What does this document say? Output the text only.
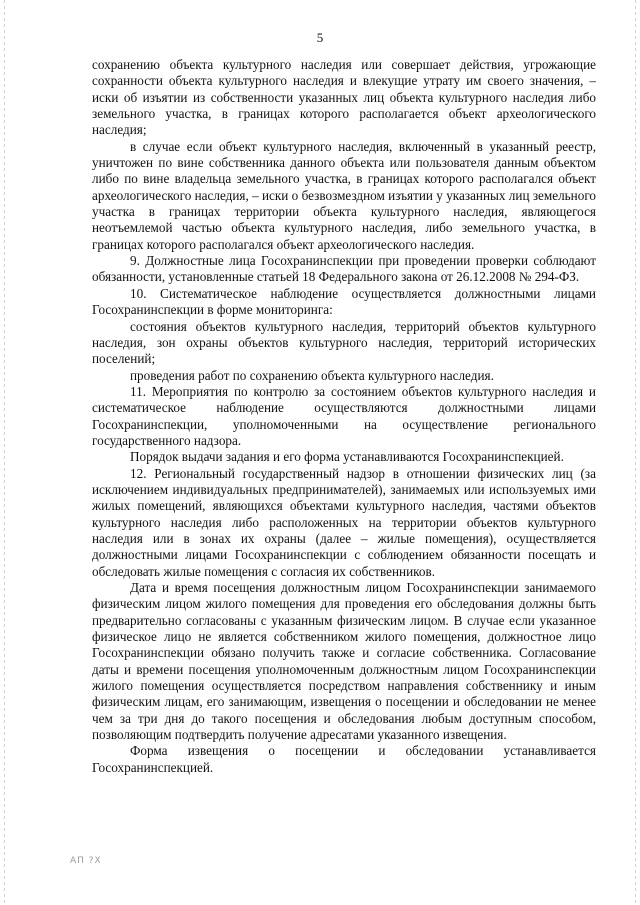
5

сохранению объекта культурного наследия или совершает действия, угрожающие сохранности объекта культурного наследия и влекущие утрату им своего значения, – иски об изъятии из собственности указанных лиц объекта культурного наследия либо земельного участка, в границах которого располагается объект археологического наследия;

в случае если объект культурного наследия, включенный в указанный реестр, уничтожен по вине собственника данного объекта или пользователя данным объектом либо по вине владельца земельного участка, в границах которого располагался объект археологического наследия, – иски о безвозмездном изъятии у указанных лиц земельного участка в границах территории объекта культурного наследия, являющегося неотъемлемой частью объекта культурного наследия, либо земельного участка, в границах которого располагался объект археологического наследия.

9. Должностные лица Госохранинспекции при проведении проверки соблюдают обязанности, установленные статьей 18 Федерального закона от 26.12.2008 № 294-ФЗ.

10. Систематическое наблюдение осуществляется должностными лицами Госохранинспекции в форме мониторинга:

состояния объектов культурного наследия, территорий объектов культурного наследия, зон охраны объектов культурного наследия, территорий исторических поселений;

проведения работ по сохранению объекта культурного наследия.

11. Мероприятия по контролю за состоянием объектов культурного наследия и систематическое наблюдение осуществляются должностными лицами Госохранинспекции, уполномоченными на осуществление регионального государственного надзора.

Порядок выдачи задания и его форма устанавливаются Госохранинспекцией.

12. Региональный государственный надзор в отношении физических лиц (за исключением индивидуальных предпринимателей), занимаемых или используемых ими жилых помещений, являющихся объектами культурного наследия, частями объектов культурного наследия либо расположенных на территории объектов культурного наследия или в зонах их охраны (далее – жилые помещения), осуществляется должностными лицами Госохранинспекции с соблюдением обязанности посещать и обследовать жилые помещения с согласия их собственников.

Дата и время посещения должностным лицом Госохранинспекции занимаемого физическим лицом жилого помещения для проведения его обследования должны быть предварительно согласованы с указанным физическим лицом. В случае если указанное физическое лицо не является собственником жилого помещения, должностное лицо Госохранинспекции обязано получить также и согласие собственника. Согласование даты и времени посещения уполномоченным должностным лицом Госохранинспекции жилого помещения осуществляется посредством направления собственнику и иным физическим лицам, его занимающим, извещения о посещении и обследовании не менее чем за три дня до такого посещения и обследования любым доступным способом, позволяющим подтвердить получение адресатами указанного извещения.

Форма извещения о посещении и обследовании устанавливается Госохранинспекцией.

АП ?Х
